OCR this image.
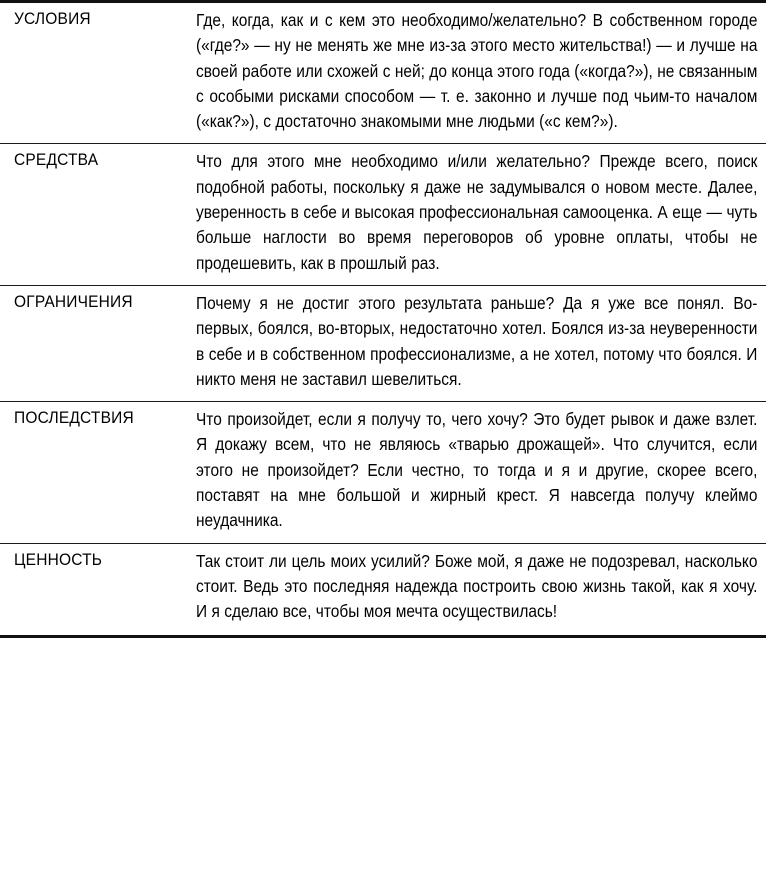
УСЛОВИЯ	Где, когда, как и с кем это необходимо/желательно? В собственном городе («где?» — ну не менять же мне из-за этого место жительства!) — и лучше на своей работе или схожей с ней; до конца этого года («когда?»), не связанным с особыми рисками способом — т. е. законно и лучше под чьим-то началом («как?»), с достаточно знакомыми мне людьми («с кем?»).

СРЕДСТВА	Что для этого мне необходимо и/или желательно? Прежде всего, поиск подобной работы, поскольку я даже не задумывался о новом месте. Далее, уверенность в себе и высокая профессиональная самооценка. А еще — чуть больше наглости во время переговоров об уровне оплаты, чтобы не продешевить, как в прошлый раз.

ОГРАНИЧЕНИЯ	Почему я не достиг этого результата раньше? Да я уже все понял. Во-первых, боялся, во-вторых, недостаточно хотел. Боялся из-за неуверенности в себе и в собственном профессионализме, а не хотел, потому что боялся. И никто меня не заставил шевелиться.

ПОСЛЕДСТВИЯ	Что произойдет, если я получу то, чего хочу? Это будет рывок и даже взлет. Я докажу всем, что не являюсь «тварью дрожащей». Что случится, если этого не произойдет? Если честно, то тогда и я и другие, скорее всего, поставят на мне большой и жирный крест. Я навсегда получу клеймо неудачника.

ЦЕННОСТЬ	Так стоит ли цель моих усилий? Боже мой, я даже не подозревал, насколько стоит. Ведь это последняя надежда построить свою жизнь такой, как я хочу. И я сделаю все, чтобы моя мечта осуществилась!
